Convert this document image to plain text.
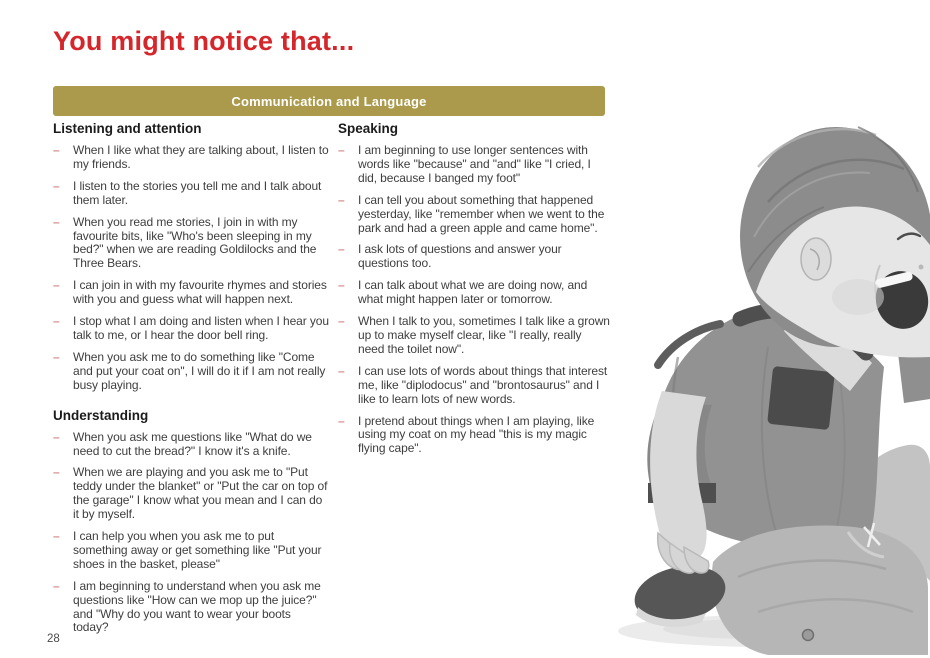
You might notice that...
Communication and Language
Listening and attention
–	When I like what they are talking about, I listen to my friends.
–	I listen to the stories you tell me and I talk about them later.
–	When you read me stories, I join in with my favourite bits, like "Who's been sleeping in my bed?" when we are reading Goldilocks and the Three Bears.
–	I can join in with my favourite rhymes and stories with you and guess what will happen next.
–	I stop what I am doing and listen when I hear you talk to me, or I hear the door bell ring.
–	When you ask me to do something like "Come and put your coat on", I will do it if I am not really busy playing.
Understanding
–	When you ask me questions like "What do we need to cut the bread?" I know it's a knife.
–	When we are playing and you ask me to "Put teddy under the blanket" or "Put the car on top of the garage" I know what you mean and I can do it by myself.
–	I can help you when you ask me to put something away or get something like "Put your shoes in the basket, please"
–	I am beginning to understand when you ask me questions like "How can we mop up the juice?" and "Why do you want to wear your boots today?
Speaking
–	I am beginning to use longer sentences with words like "because" and "and" like "I cried, I did, because I banged my foot"
–	I can tell you about something that happened yesterday, like "remember when we went to the park and had a green apple and came home".
–	I ask lots of questions and answer your questions too.
–	I can talk about what we are doing now, and what might happen later or tomorrow.
–	When I talk to you, sometimes I talk like a grown up to make myself clear, like "I really, really need the toilet now".
–	I can use lots of words about things that interest me, like "diplodocus" and "brontosaurus" and I like to learn lots of new words.
–	I pretend about things when I am playing, like using my coat on my head "this is my magic flying cape".
28
